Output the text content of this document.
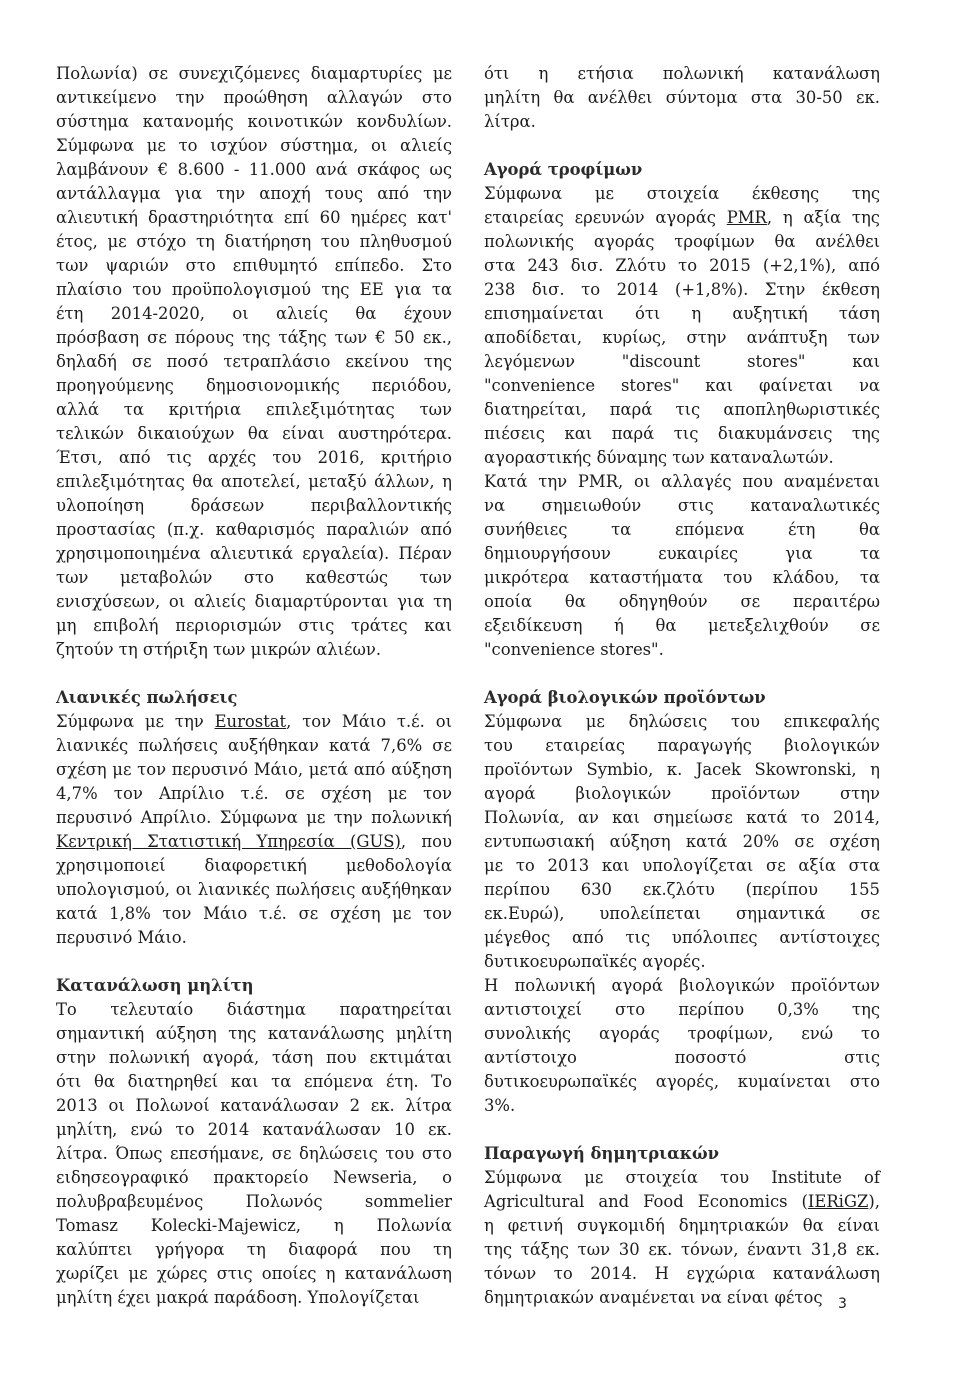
Πολωνία) σε συνεχιζόμενες διαμαρτυρίες με
αντικείμενο την προώθηση αλλαγών στο
σύστημα κατανομής κοινοτικών κονδυλίων.
Σύμφωνα με το ισχύον σύστημα, οι αλιείς
λαμβάνουν € 8.600 - 11.000 ανά σκάφος ως
αντάλλαγμα για την αποχή τους από την
αλιευτική δραστηριότητα επί 60 ημέρες κατ'
έτος, με στόχο τη διατήρηση του πληθυσμού
των ψαριών στο επιθυμητό επίπεδο. Στο
πλαίσιο του προϋπολογισμού της ΕΕ για τα
έτη 2014-2020, οι αλιείς θα έχουν
πρόσβαση σε πόρους της τάξης των € 50 εκ.,
δηλαδή σε ποσό τετραπλάσιο εκείνου της
προηγούμενης δημοσιονομικής περιόδου,
αλλά τα κριτήρια επιλεξιμότητας των
τελικών δικαιούχων θα είναι αυστηρότερα.
Έτσι, από τις αρχές του 2016, κριτήριο
επιλεξιμότητας θα αποτελεί, μεταξύ άλλων, η
υλοποίηση δράσεων περιβαλλοντικής
προστασίας (π.χ. καθαρισμός παραλιών από
χρησιμοποιημένα αλιευτικά εργαλεία). Πέραν
των μεταβολών στο καθεστώς των
ενισχύσεων, οι αλιείς διαμαρτύρονται για τη
μη επιβολή περιορισμών στις τράτες και
ζητούν τη στήριξη των μικρών αλιέων.
Λιανικές πωλήσεις
Σύμφωνα με την Eurostat, τον Μάιο τ.έ. οι
λιανικές πωλήσεις αυξήθηκαν κατά 7,6% σε
σχέση με τον περυσινό Μάιο, μετά από αύξηση
4,7% τον Απρίλιο τ.έ. σε σχέση με τον
περυσινό Απρίλιο. Σύμφωνα με την πολωνική
Κεντρική Στατιστική Υπηρεσία (GUS), που
χρησιμοποιεί διαφορετική μεθοδολογία
υπολογισμού, οι λιανικές πωλήσεις αυξήθηκαν
κατά 1,8% τον Μάιο τ.έ. σε σχέση με τον
περυσινό Μάιο.
Κατανάλωση μηλίτη
Το τελευταίο διάστημα παρατηρείται
σημαντική αύξηση της κατανάλωσης μηλίτη
στην πολωνική αγορά, τάση που εκτιμάται
ότι θα διατηρηθεί και τα επόμενα έτη. Το
2013 οι Πολωνοί κατανάλωσαν 2 εκ. λίτρα
μηλίτη, ενώ το 2014 κατανάλωσαν 10 εκ.
λίτρα. Όπως επεσήμανε, σε δηλώσεις του στο
ειδησεογραφικό πρακτορείο Newseria, ο
πολυβραβευμένος Πολωνός sommelier
Tomasz Kolecki-Majewicz, η Πολωνία
καλύπτει γρήγορα τη διαφορά που τη
χωρίζει με χώρες στις οποίες η κατανάλωση
μηλίτη έχει μακρά παράδοση. Υπολογίζεται
ότι η ετήσια πολωνική κατανάλωση
μηλίτη θα ανέλθει σύντομα στα 30-50 εκ.
λίτρα.
Αγορά τροφίμων
Σύμφωνα με στοιχεία έκθεσης της
εταιρείας ερευνών αγοράς PMR, η αξία της
πολωνικής αγοράς τροφίμων θα ανέλθει
στα 243 δισ. Ζλότυ το 2015 (+2,1%), από
238 δισ. το 2014 (+1,8%). Στην έκθεση
επισημαίνεται ότι η αυξητική τάση
αποδίδεται, κυρίως, στην ανάπτυξη των
λεγόμενων "discount stores" και
"convenience stores" και φαίνεται να
διατηρείται, παρά τις αποπληθωριστικές
πιέσεις και παρά τις διακυμάνσεις της
αγοραστικής δύναμης των καταναλωτών.
Κατά την PMR, οι αλλαγές που αναμένεται
να σημειωθούν στις καταναλωτικές
συνήθειες τα επόμενα έτη θα
δημιουργήσουν ευκαιρίες για τα
μικρότερα καταστήματα του κλάδου, τα
οποία θα οδηγηθούν σε περαιτέρω
εξειδίκευση ή θα μετεξελιχθούν σε
"convenience stores".
Αγορά βιολογικών προϊόντων
Σύμφωνα με δηλώσεις του επικεφαλής
του εταιρείας παραγωγής βιολογικών
προϊόντων Symbio, κ. Jacek Skowronski, η
αγορά βιολογικών προϊόντων στην
Πολωνία, αν και σημείωσε κατά το 2014,
εντυπωσιακή αύξηση κατά 20% σε σχέση
με το 2013 και υπολογίζεται σε αξία στα
περίπου 630 εκ.ζλότυ (περίπου 155
εκ.Ευρώ), υπολείπεται σημαντικά σε
μέγεθος από τις υπόλοιπες αντίστοιχες
δυτικοευρωπαϊκές αγορές.
Η πολωνική αγορά βιολογικών προϊόντων
αντιστοιχεί στο περίπου 0,3% της
συνολικής αγοράς τροφίμων, ενώ το
αντίστοιχο ποσοστό στις
δυτικοευρωπαϊκές αγορές, κυμαίνεται στο
3%.
Παραγωγή δημητριακών
Σύμφωνα με στοιχεία του Institute of
Agricultural and Food Economics (IERiGZ),
η φετινή συγκομιδή δημητριακών θα είναι
της τάξης των 30 εκ. τόνων, έναντι 31,8 εκ.
τόνων το 2014. Η εγχώρια κατανάλωση
δημητριακών αναμένεται να είναι φέτος	3
